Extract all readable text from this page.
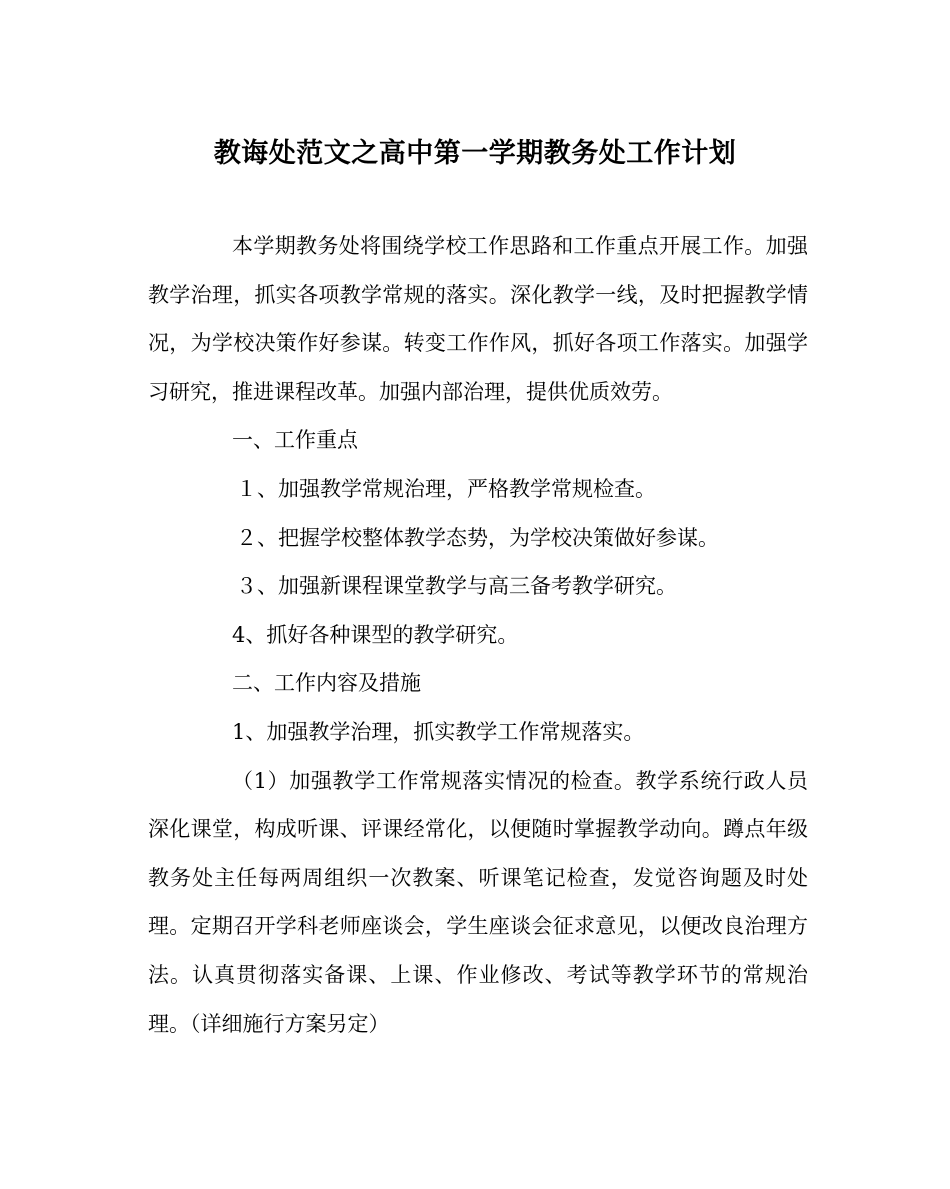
教诲处范文之高中第一学期教务处工作计划

本学期教务处将围绕学校工作思路和工作重点开展工作。加强教学治理，抓实各项教学常规的落实。深化教学一线，及时把握教学情况，为学校决策作好参谋。转变工作作风，抓好各项工作落实。加强学习研究，推进课程改革。加强内部治理，提供优质效劳。

一、工作重点

１、加强教学常规治理，严格教学常规检查。

２、把握学校整体教学态势，为学校决策做好参谋。

３、加强新课程课堂教学与高三备考教学研究。

4、抓好各种课型的教学研究。

二、工作内容及措施

1、加强教学治理，抓实教学工作常规落实。

（1）加强教学工作常规落实情况的检查。教学系统行政人员深化课堂，构成听课、评课经常化，以便随时掌握教学动向。蹲点年级教务处主任每两周组织一次教案、听课笔记检查，发觉咨询题及时处理。定期召开学科老师座谈会，学生座谈会征求意见，以便改良治理方法。认真贯彻落实备课、上课、作业修改、考试等教学环节的常规治理。（详细施行方案另定）
